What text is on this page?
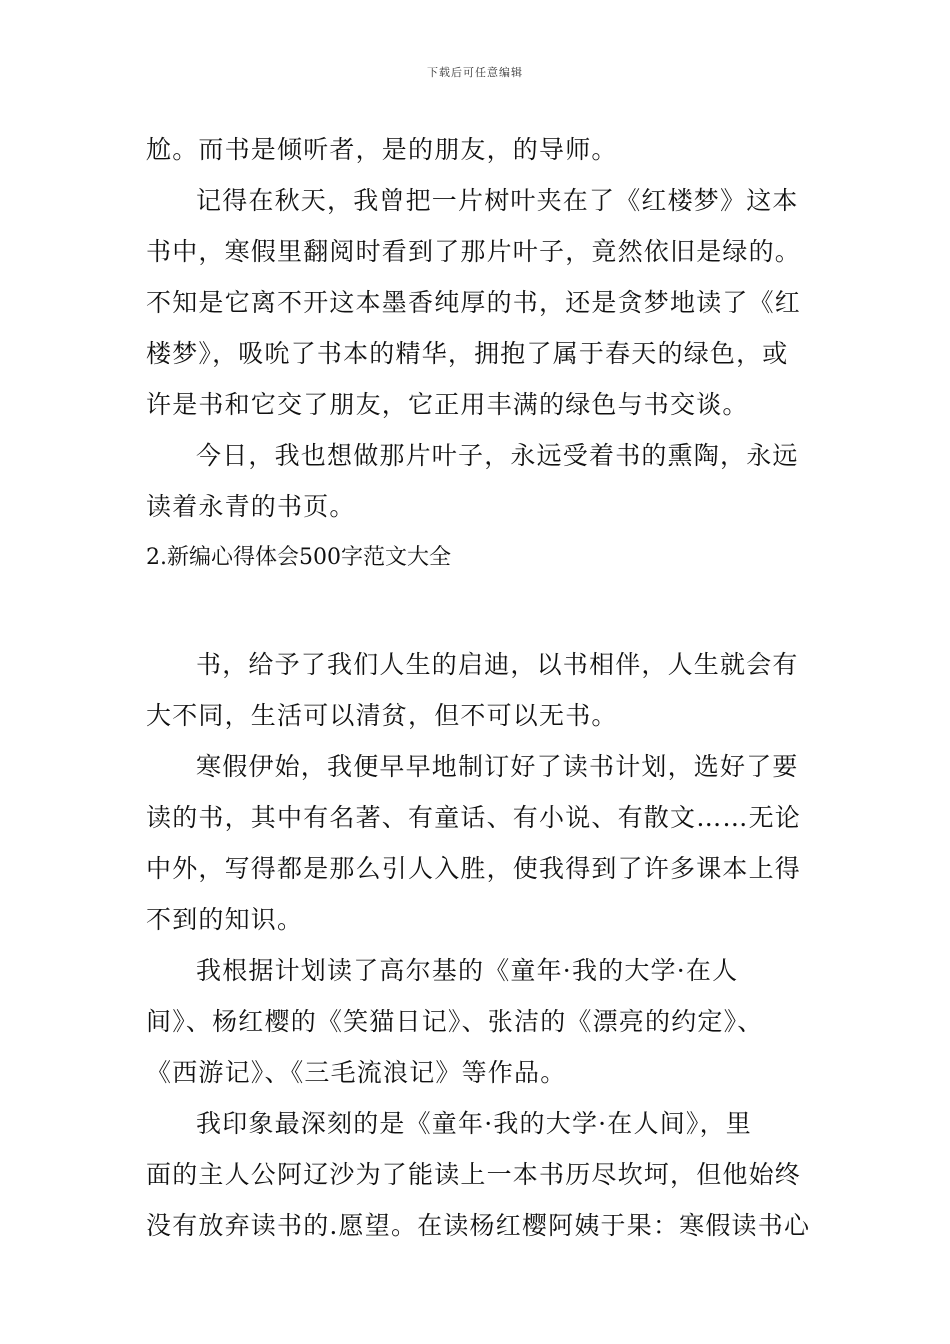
下载后可任意编辑
尬。而书是倾听者，是的朋友，的导师。
记得在秋天，我曾把一片树叶夹在了《红楼梦》这本
书中，寒假里翻阅时看到了那片叶子，竟然依旧是绿的。
不知是它离不开这本墨香纯厚的书，还是贪梦地读了《红
楼梦》，吸吮了书本的精华，拥抱了属于春天的绿色，或
许是书和它交了朋友，它正用丰满的绿色与书交谈。
今日，我也想做那片叶子，永远受着书的熏陶，永远
读着永青的书页。
2.新编心得体会500字范文大全
书，给予了我们人生的启迪，以书相伴，人生就会有
大不同，生活可以清贫，但不可以无书。
寒假伊始，我便早早地制订好了读书计划，选好了要
读的书，其中有名著、有童话、有小说、有散文……无论
中外，写得都是那么引人入胜，使我得到了许多课本上得
不到的知识。
我根据计划读了高尔基的《童年·我的大学·在人
间》、杨红樱的《笑猫日记》、张洁的《漂亮的约定》、
《西游记》、《三毛流浪记》等作品。
我印象最深刻的是《童年·我的大学·在人间》，里
面的主人公阿辽沙为了能读上一本书历尽坎坷，但他始终
没有放弃读书的.愿望。在读杨红樱阿姨于果：寒假读书心
